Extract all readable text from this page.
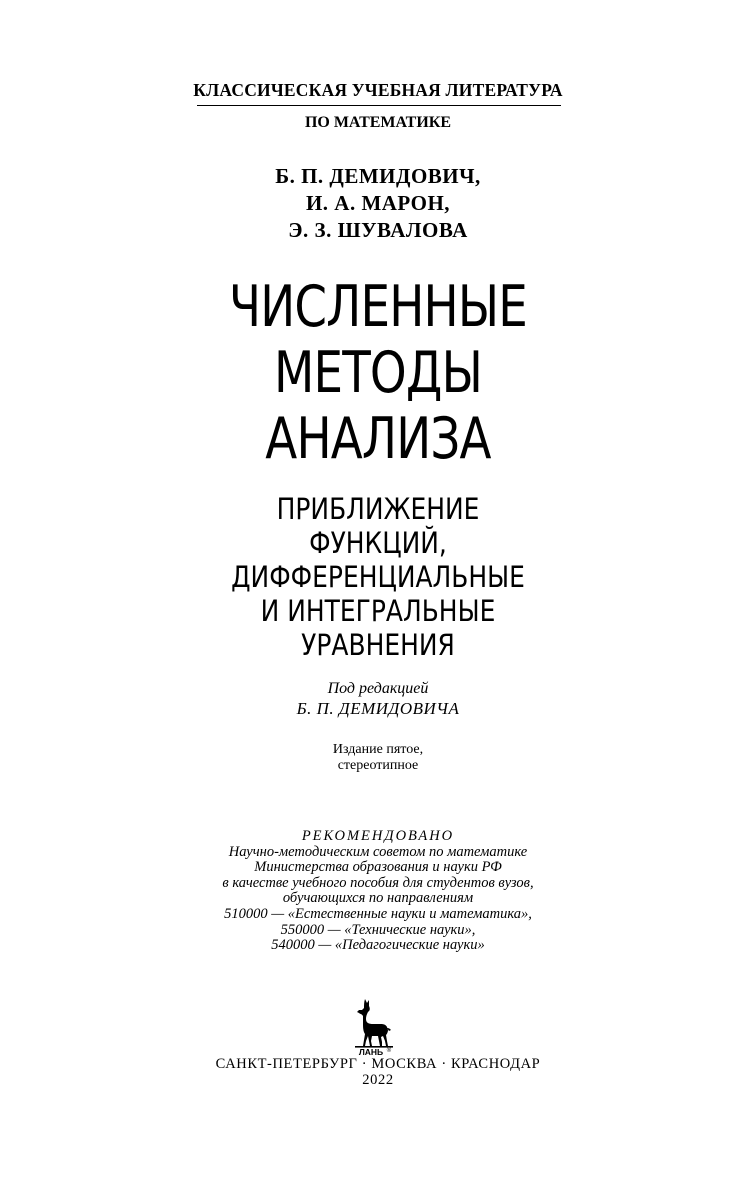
КЛАССИЧЕСКАЯ УЧЕБНАЯ ЛИТЕРАТУРА
ПО МАТЕМАТИКЕ
Б. П. ДЕМИДОВИЧ,
И. А. МАРОН,
Э. З. ШУВАЛОВА
ЧИСЛЕННЫЕ
МЕТОДЫ
АНАЛИЗА
ПРИБЛИЖЕНИЕ
ФУНКЦИЙ,
ДИФФЕРЕНЦИАЛЬНЫЕ
И ИНТЕГРАЛЬНЫЕ
УРАВНЕНИЯ
Под редакцией
Б. П. ДЕМИДОВИЧА
Издание пятое,
стереотипное
РЕКОМЕНДОВАНО
Научно-методическим советом по математике
Министерства образования и науки РФ
в качестве учебного пособия для студентов вузов,
обучающихся по направлениям
510000 — «Естественные науки и математика»,
550000 — «Технические науки»,
540000 — «Педагогические науки»
ЛАНЬ ®
САНКТ-ПЕТЕРБУРГ · МОСКВА · КРАСНОДАР
2022
